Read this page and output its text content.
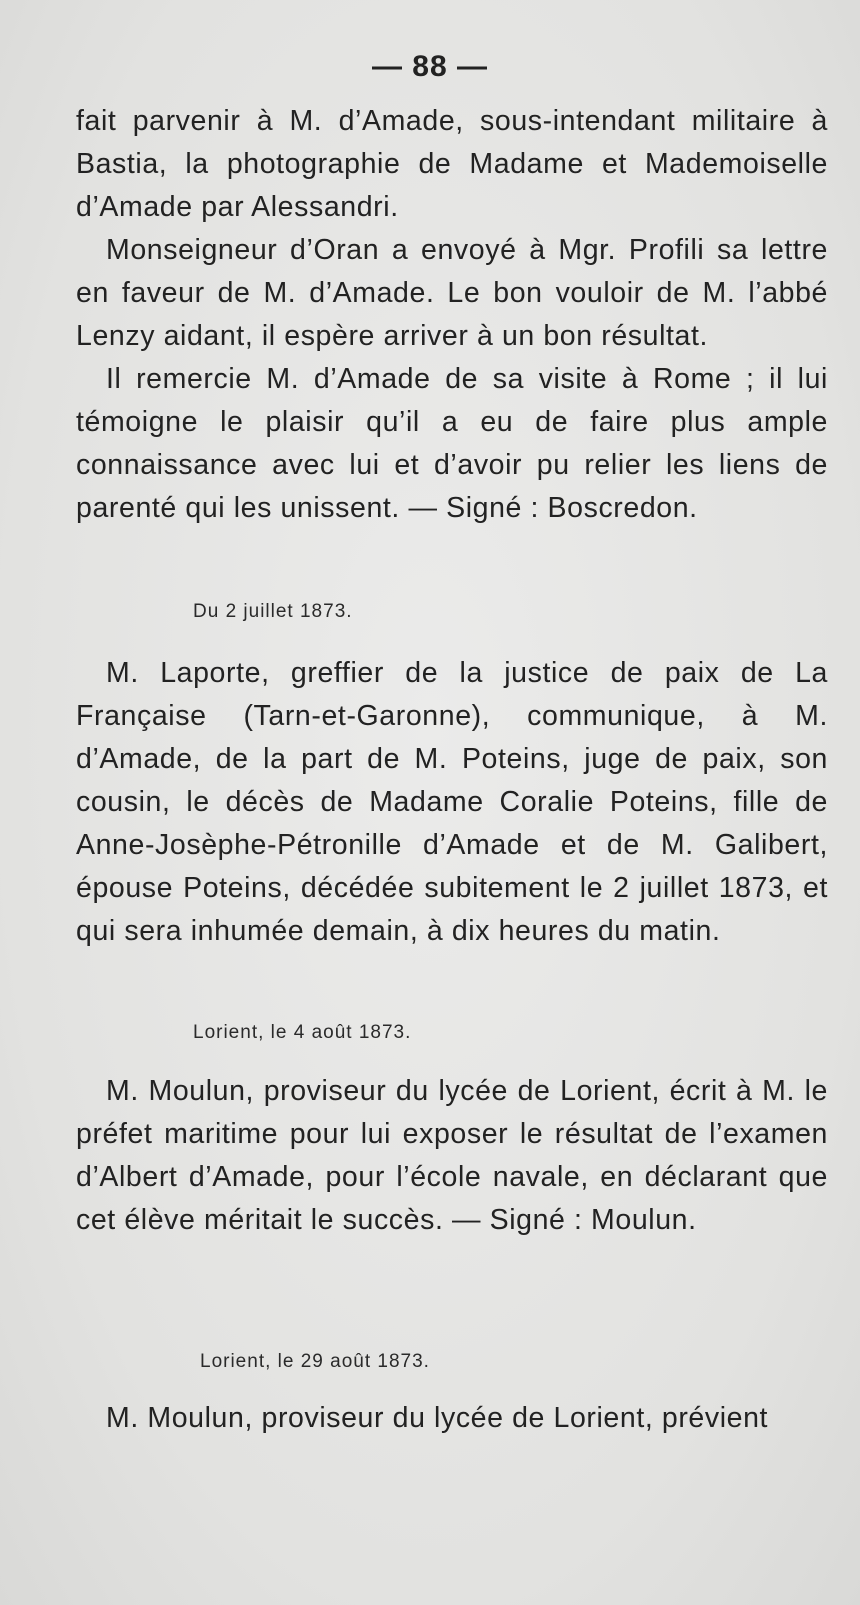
— 88 —

fait parvenir à M. d’Amade, sous-intendant militaire à Bastia, la photographie de Madame et Mademoiselle d’Amade par Alessandri.

Monseigneur d’Oran a envoyé à Mgr. Profili sa lettre en faveur de M. d’Amade. Le bon vouloir de M. l’abbé Lenzy aidant, il espère arriver à un bon résultat.

Il remercie M. d’Amade de sa visite à Rome ; il lui témoigne le plaisir qu’il a eu de faire plus ample connaissance avec lui et d’avoir pu relier les liens de parenté qui les unissent. — Signé : Boscredon.

Du 2 juillet 1873.

M. Laporte, greffier de la justice de paix de La Française (Tarn-et-Garonne), communique, à M. d’Amade, de la part de M. Poteins, juge de paix, son cousin, le décès de Madame Coralie Poteins, fille de Anne-Josèphe-Pétronille d’Amade et de M. Galibert, épouse Poteins, décédée subitement le 2 juillet 1873, et qui sera inhumée demain, à dix heures du matin.

Lorient, le 4 août 1873.

M. Moulun, proviseur du lycée de Lorient, écrit à M. le préfet maritime pour lui exposer le résultat de l’examen d’Albert d’Amade, pour l’école navale, en déclarant que cet élève méritait le succès. — Signé : Moulun.

Lorient, le 29 août 1873.

M. Moulun, proviseur du lycée de Lorient, prévient
